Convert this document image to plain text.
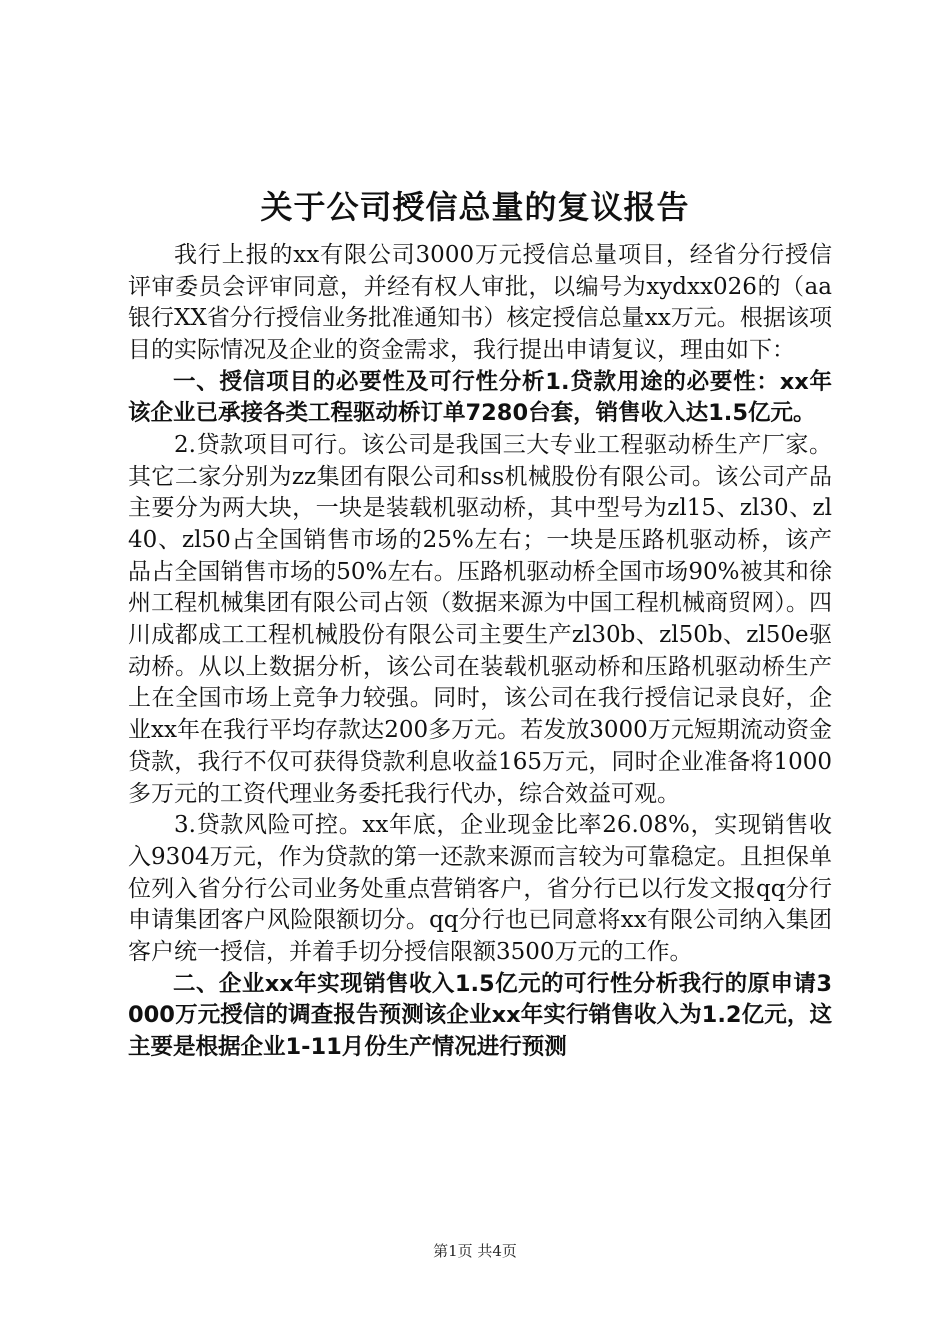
关于公司授信总量的复议报告

我行上报的xx有限公司3000万元授信总量项目，经省分行授信评审委员会评审同意，并经有权人审批，以编号为xydxx026的（aa银行XX省分行授信业务批准通知书）核定授信总量xx万元。根据该项目的实际情况及企业的资金需求，我行提出申请复议，理由如下：

一、授信项目的必要性及可行性分析1.贷款用途的必要性：xx年该企业已承接各类工程驱动桥订单7280台套，销售收入达1.5亿元。

2.贷款项目可行。该公司是我国三大专业工程驱动桥生产厂家。其它二家分别为zz集团有限公司和ss机械股份有限公司。该公司产品主要分为两大块，一块是装载机驱动桥，其中型号为zl15、zl30、zl40、zl50占全国销售市场的25%左右；一块是压路机驱动桥，该产品占全国销售市场的50%左右。压路机驱动桥全国市场90%被其和徐州工程机械集团有限公司占领（数据来源为中国工程机械商贸网）。四川成都成工工程机械股份有限公司主要生产zl30b、zl50b、zl50e驱动桥。从以上数据分析，该公司在装载机驱动桥和压路机驱动桥生产上在全国市场上竞争力较强。同时，该公司在我行授信记录良好，企业xx年在我行平均存款达200多万元。若发放3000万元短期流动资金贷款，我行不仅可获得贷款利息收益165万元，同时企业准备将1000多万元的工资代理业务委托我行代办，综合效益可观。

3.贷款风险可控。xx年底，企业现金比率26.08%，实现销售收入9304万元，作为贷款的第一还款来源而言较为可靠稳定。且担保单位列入省分行公司业务处重点营销客户，省分行已以行发文报qq分行申请集团客户风险限额切分。qq分行也已同意将xx有限公司纳入集团客户统一授信，并着手切分授信限额3500万元的工作。

二、企业xx年实现销售收入1.5亿元的可行性分析我行的原申请3000万元授信的调查报告预测该企业xx年实行销售收入为1.2亿元，这主要是根据企业1-11月份生产情况进行预测

第1页 共4页
